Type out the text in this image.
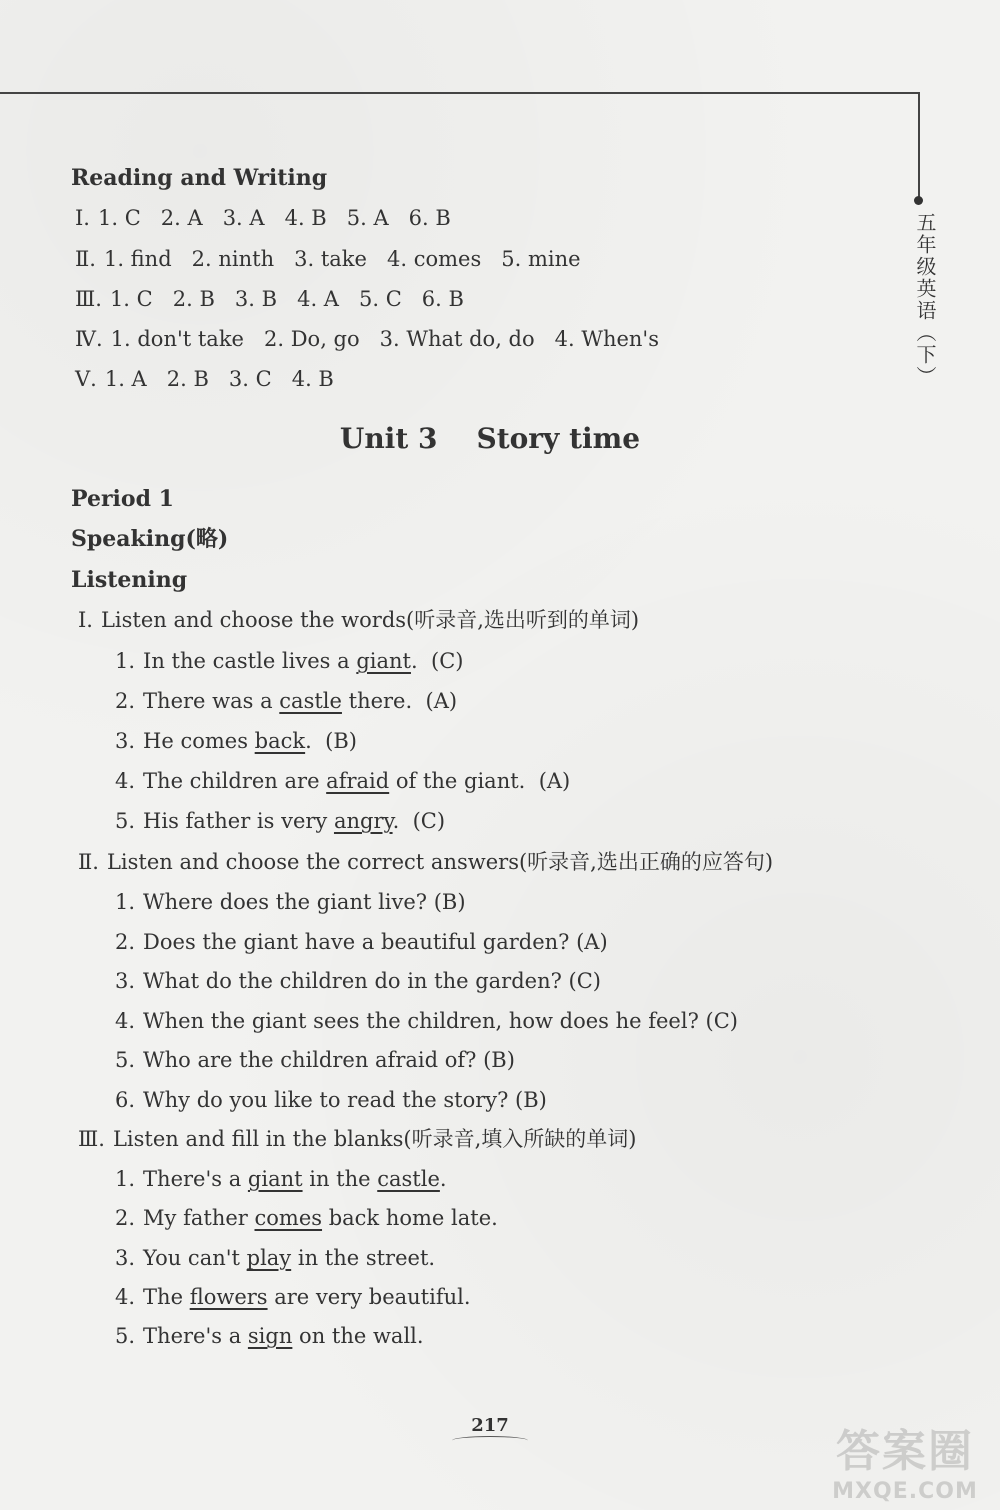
五年级英语（下）
Reading and Writing
Ⅰ. 1. C   2. A   3. A   4. B   5. A   6. B
Ⅱ. 1. find   2. ninth   3. take   4. comes   5. mine
Ⅲ. 1. C   2. B   3. B   4. A   5. C   6. B
Ⅳ. 1. don't take   2. Do, go   3. What do, do   4. When's
Ⅴ. 1. A   2. B   3. C   4. B
Unit 3    Story time
Period 1
Speaking(略)
Listening
Ⅰ. Listen and choose the words(听录音,选出听到的单词)
1. In the castle lives a giant.  (C)
2. There was a castle there.  (A)
3. He comes back.  (B)
4. The children are afraid of the giant.  (A)
5. His father is very angry.  (C)
Ⅱ. Listen and choose the correct answers(听录音,选出正确的应答句)
1. Where does the giant live? (B)
2. Does the giant have a beautiful garden? (A)
3. What do the children do in the garden? (C)
4. When the giant sees the children, how does he feel? (C)
5. Who are the children afraid of? (B)
6. Why do you like to read the story? (B)
Ⅲ. Listen and fill in the blanks(听录音,填入所缺的单词)
1. There's a giant in the castle.
2. My father comes back home late.
3. You can't play in the street.
4. The flowers are very beautiful.
5. There's a sign on the wall.
217	答案圈
MXQE.COM
